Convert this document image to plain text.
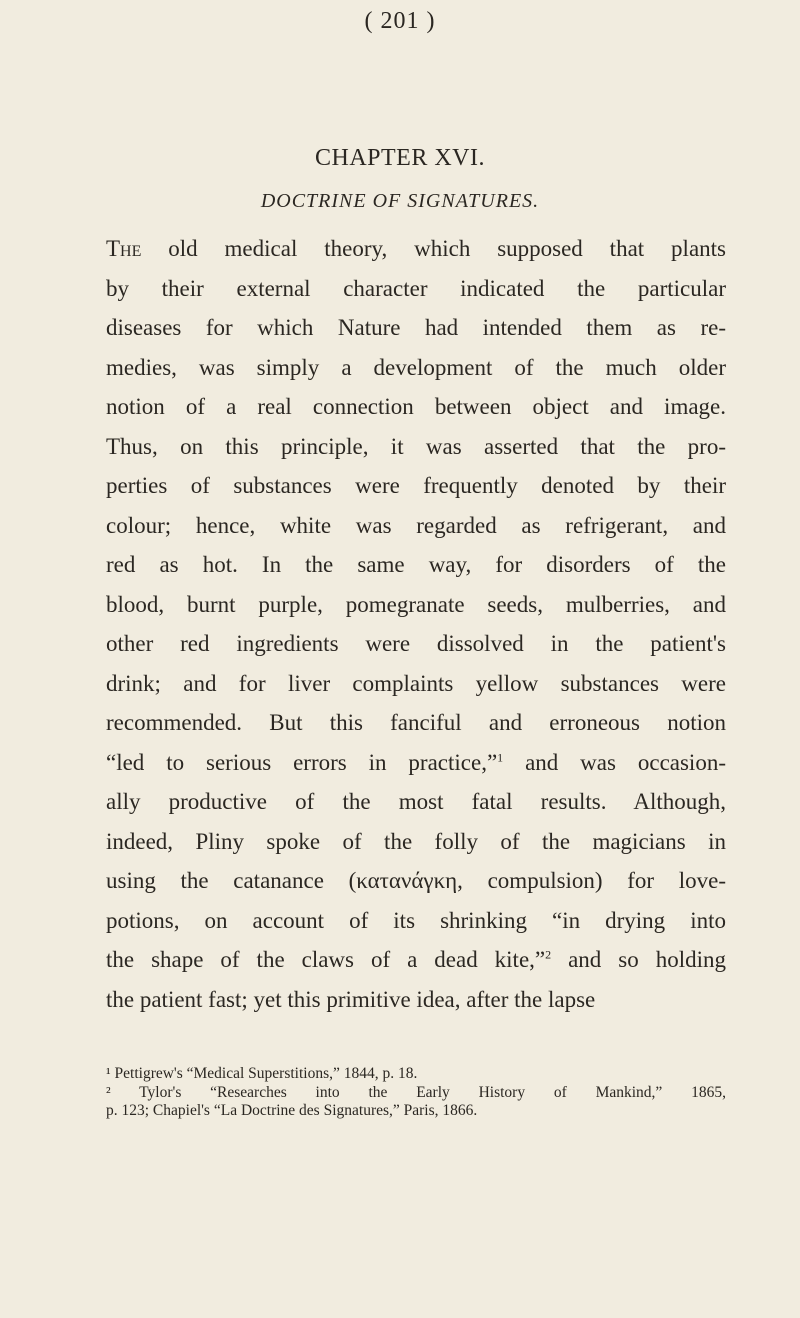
( 201 )
CHAPTER XVI.
DOCTRINE OF SIGNATURES.
The old medical theory, which supposed that plants
by their external character indicated the particular
diseases for which Nature had intended them as re-
medies, was simply a development of the much older
notion of a real connection between object and image.
Thus, on this principle, it was asserted that the pro-
perties of substances were frequently denoted by their
colour; hence, white was regarded as refrigerant, and
red as hot. In the same way, for disorders of the
blood, burnt purple, pomegranate seeds, mulberries, and
other red ingredients were dissolved in the patient's
drink; and for liver complaints yellow substances were
recommended. But this fanciful and erroneous notion
“led to serious errors in practice,”$^1$ and was occasion-
ally productive of the most fatal results. Although,
indeed, Pliny spoke of the folly of the magicians in
using the catanance (κατανάγκη, compulsion) for love-
potions, on account of its shrinking “in drying into
the shape of the claws of a dead kite,”$^2$ and so holding
the patient fast; yet this primitive idea, after the lapse
¹ Pettigrew's “Medical Superstitions,” 1844, p. 18.
² Tylor's “Researches into the Early History of Mankind,” 1865,
p. 123; Chapiel's “La Doctrine des Signatures,” Paris, 1866.
